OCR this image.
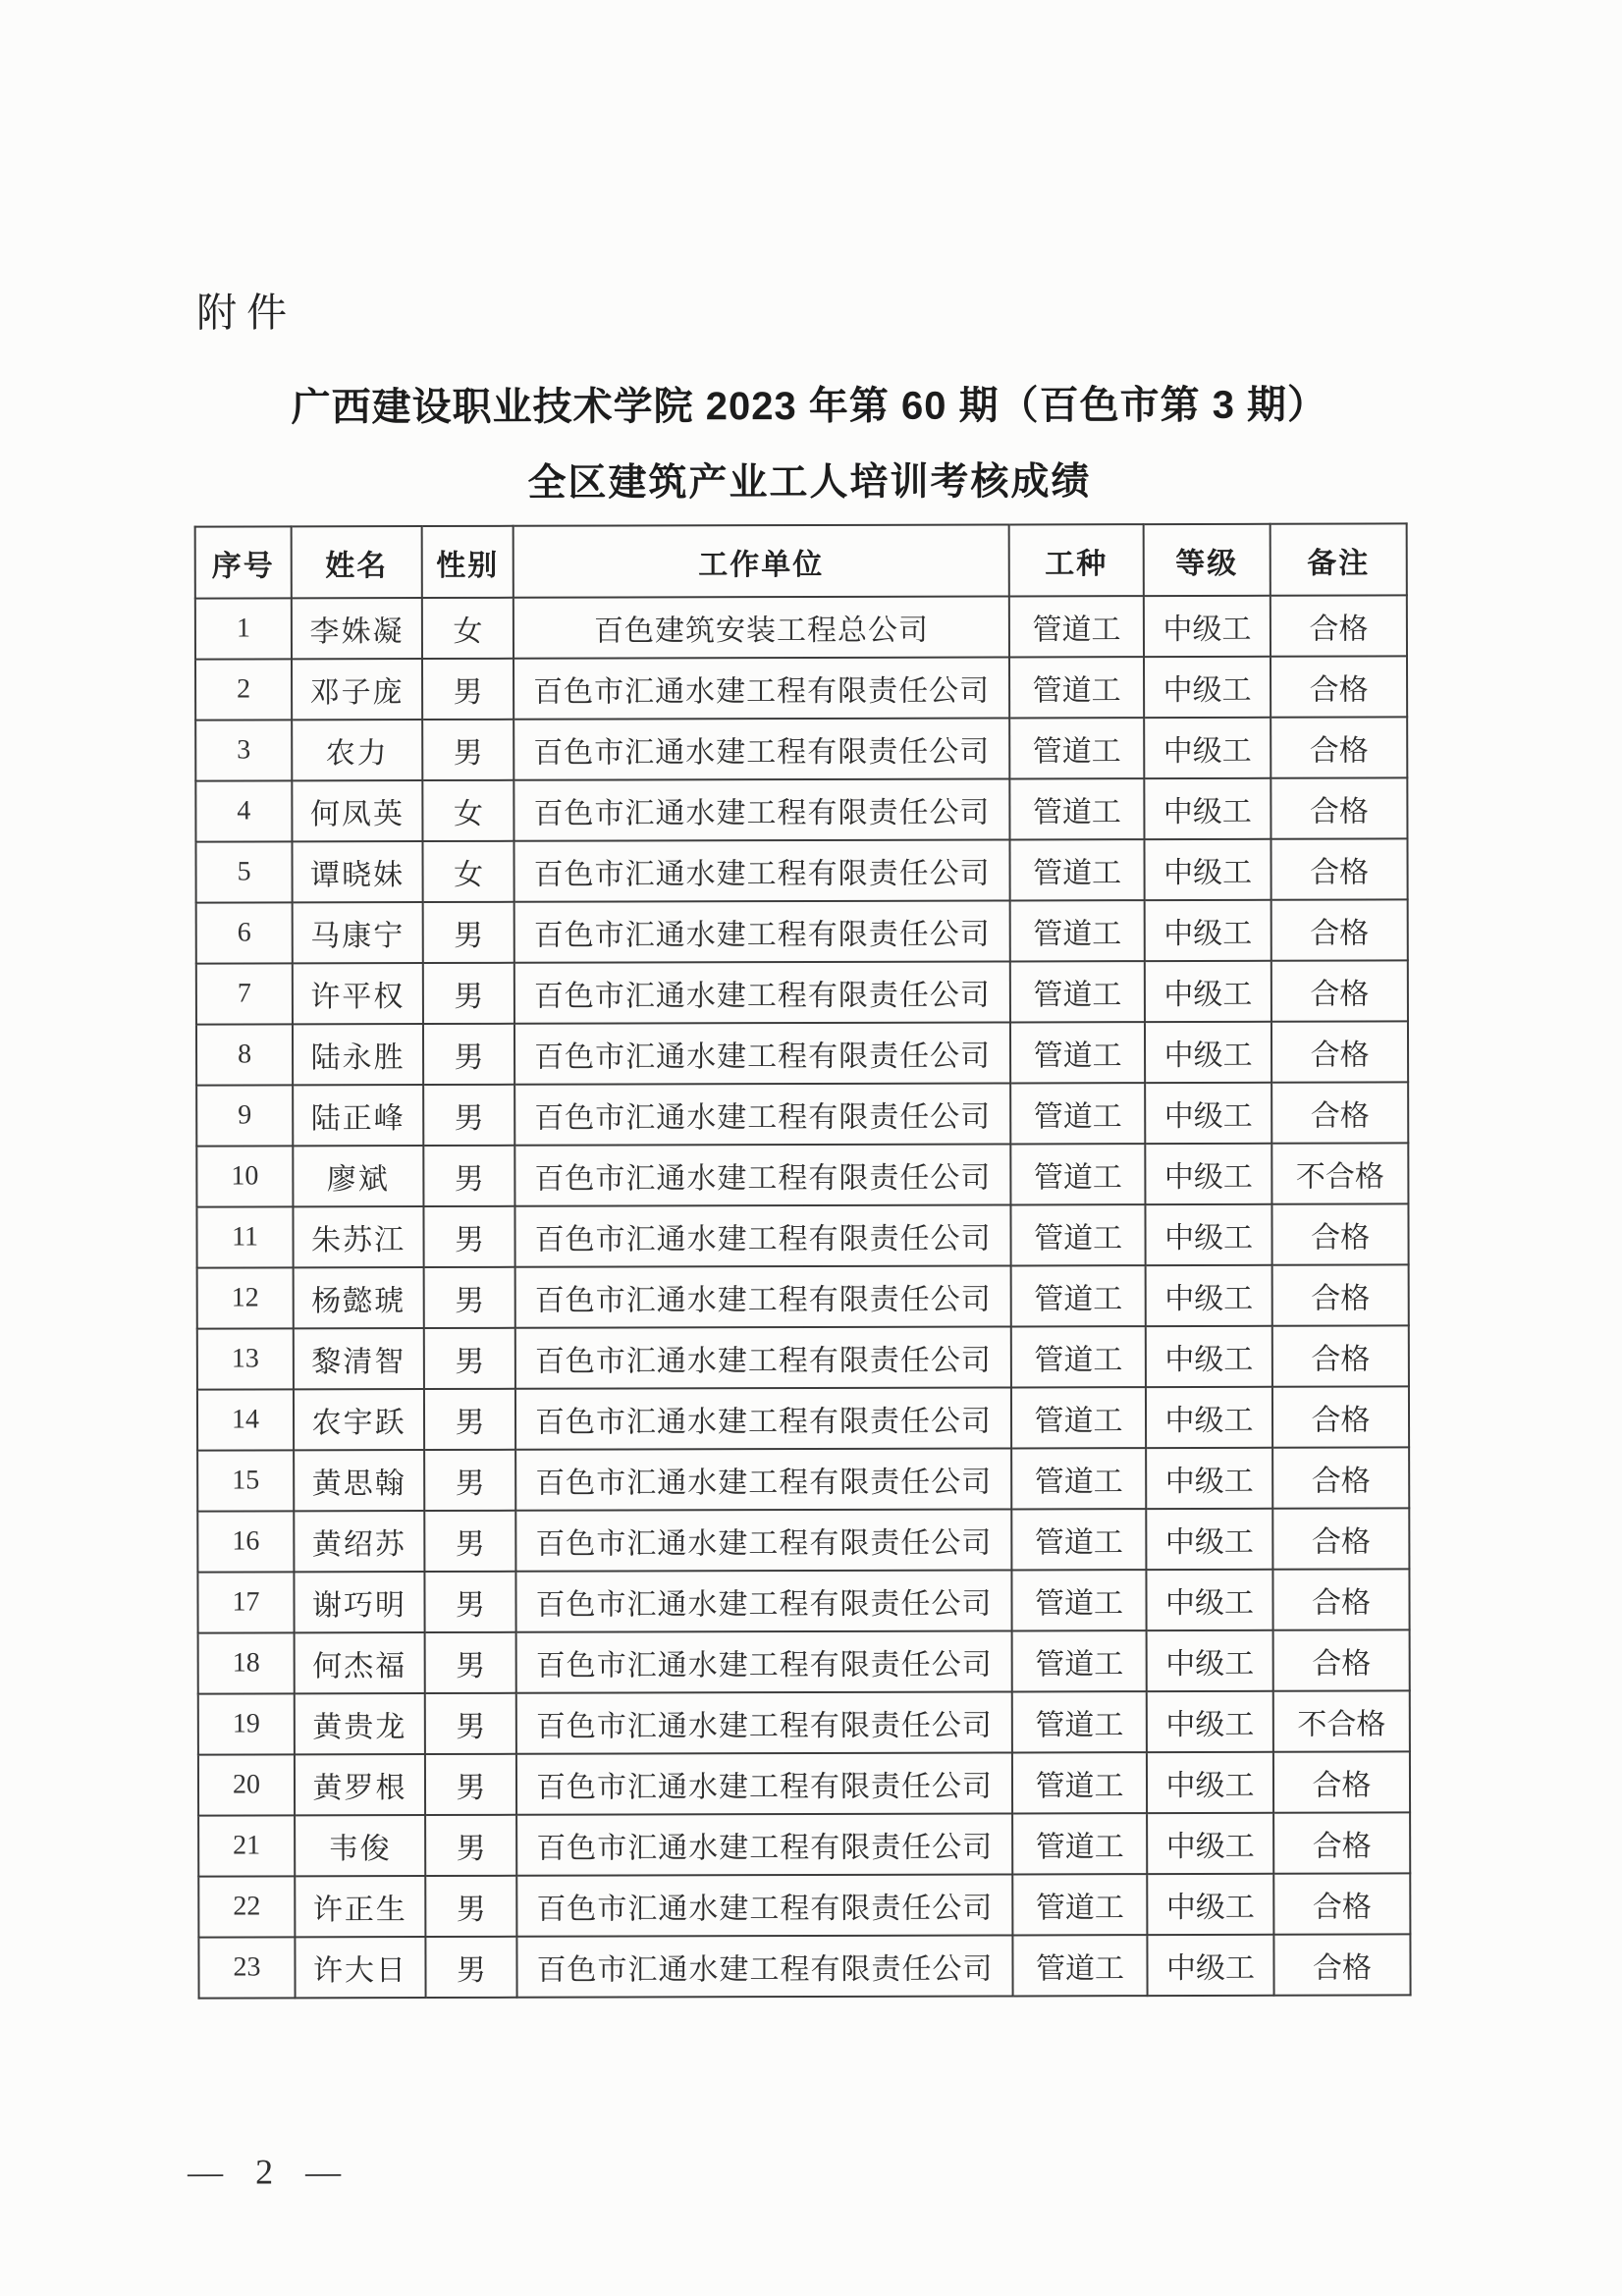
附件
广西建设职业技术学院 2023 年第 60 期（百色市第 3 期）
全区建筑产业工人培训考核成绩
序号	姓名	性别	工作单位	工种	等级	备注
1	李姝凝	女	百色建筑安装工程总公司	管道工	中级工	合格
2	邓子庞	男	百色市汇通水建工程有限责任公司	管道工	中级工	合格
3	农力	男	百色市汇通水建工程有限责任公司	管道工	中级工	合格
4	何凤英	女	百色市汇通水建工程有限责任公司	管道工	中级工	合格
5	谭晓妹	女	百色市汇通水建工程有限责任公司	管道工	中级工	合格
6	马康宁	男	百色市汇通水建工程有限责任公司	管道工	中级工	合格
7	许平权	男	百色市汇通水建工程有限责任公司	管道工	中级工	合格
8	陆永胜	男	百色市汇通水建工程有限责任公司	管道工	中级工	合格
9	陆正峰	男	百色市汇通水建工程有限责任公司	管道工	中级工	合格
10	廖斌	男	百色市汇通水建工程有限责任公司	管道工	中级工	不合格
11	朱苏江	男	百色市汇通水建工程有限责任公司	管道工	中级工	合格
12	杨懿琥	男	百色市汇通水建工程有限责任公司	管道工	中级工	合格
13	黎清智	男	百色市汇通水建工程有限责任公司	管道工	中级工	合格
14	农宇跃	男	百色市汇通水建工程有限责任公司	管道工	中级工	合格
15	黄思翰	男	百色市汇通水建工程有限责任公司	管道工	中级工	合格
16	黄绍苏	男	百色市汇通水建工程有限责任公司	管道工	中级工	合格
17	谢巧明	男	百色市汇通水建工程有限责任公司	管道工	中级工	合格
18	何杰福	男	百色市汇通水建工程有限责任公司	管道工	中级工	合格
19	黄贵龙	男	百色市汇通水建工程有限责任公司	管道工	中级工	不合格
20	黄罗根	男	百色市汇通水建工程有限责任公司	管道工	中级工	合格
21	韦俊	男	百色市汇通水建工程有限责任公司	管道工	中级工	合格
22	许正生	男	百色市汇通水建工程有限责任公司	管道工	中级工	合格
23	许大日	男	百色市汇通水建工程有限责任公司	管道工	中级工	合格
— 2 —
